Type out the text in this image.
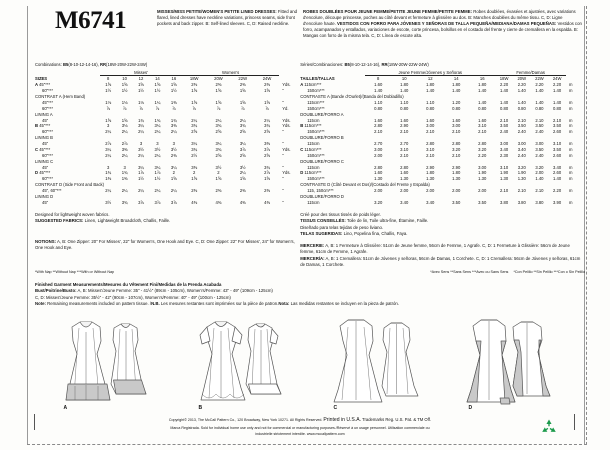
M6741	MISSES/MISS PETITE/WOMEN'S PETITE LINED DRESSES: Fitted and flared, lined dresses have neckline variations, princess seams, side front pockets and back zipper. B: Self-lined sleeves. C, D: Raised neckline.
ROBES DOUBLÉES POUR JEUNE FEMME/PETITE JEUNE FEMME/PETITE FEMME: Robes doublées, évasées et ajustées, avec variations d'encolure, découpe princesse, poches au côté devant et fermeture à glissière au dos. B: Manches doublées du même tissu. C, D: Ligne d'encolure haute. VESTIDOS CON FORRO PARA JÓVENES Y SEÑORAS DE TALLA PEQUEÑA/MEDIANA/DAMAS PEQUEÑAS: Vestidos con forro, acampanados y entallados, variaciones de escote, corte princesa, bolsillos en el costado del frente y cierre de cremallera en la espalda. B: Mangas con forro de la misma tela. C, D: Línea de escote alta.
Combinations: B5(8-10-12-14-16), RR(18W-20W-22W-24W)
	Misses'					Women's				
SIZES	8	10	12	14	16	18W	20W	22W	24W	
A 45"***	1⅝	1⅝	1⅝	1⅝	1⅝	2⅜	2⅜	2⅜	2⅜	Yds.
60"***	1½	1½	1½	1½	1½	1⅝	1⅝	1⅝	1⅝	"
CONTRAST A (Hem Band)										
45"***	1⅛	1⅛	1⅛	1¼	1⅜	1⅝	1⅝	1⅝	1⅝	"
60"***	⅞	⅞	⅞	⅞	⅞	⅞	⅞	⅞	⅞	Yd.
LINING A										
45"	1⅝	1⅝	1¾	1¾	1¾	2¼	2¼	2¼	2¼	Yds.
B 45"***	3	3⅛	3¼	3¼	3⅜	3¾	3¾	3¾	3¾	Yds.
60"***	2¼	2¼	2¼	2¼	2¼	2⅝	2⅝	2⅝	2⅝	"
LINING B										
45"	2⅞	2⅞	3	3	3	3¼	3¼	3¼	3⅜	"
C 45"***	3¼	3⅜	3½	3½	3½	3¾	3¾	3⅞	3⅞	Yds.
60"***	2¼	2¼	2¼	2¼	2⅜	2½	2⅝	2⅝	2⅝	"
LINING C										
45"	3	3	3¼	3¼	3¼	3⅜	3½	3½	3¾	"
D 45"***	1¾	1¾	1⅞	1⅞	2	2	2	2¼	2⅞	Yds.
60"***	1⅜	1⅜	1½	1½	1⅝	1⅝	1⅝	1⅝	1⅝	"
CONTRAST D (Side Front and Back)										
45", 60"***	2¼	2¼	2¼	2¼	2¼	2⅜	2⅜	2⅜	2⅜	"
LINING D										
45"	3½	3¾	3⅞	3⅞	3⅞	4⅜	4⅜	4⅜	4⅜	"
Séries/Combinaciones: B5(8-10-12-14-16), RR(18W-20W-22W-24W)
	Jeune Femme/Jóvenes y Señoras					Femme/Damas				
TAILLES/TALLAS	8	10	12	14	16	18W	20W	22W	24W	
A 115cm***	1.60	1.80	1.80	1.80	1.80	2.20	2.20	2.20	2.20	m
150cm***	1.40	1.40	1.40	1.40	1.40	1.40	1.40	1.40	1.40	m
CONTRASTE A (Bande d'Ourlet)/(Banda del Dobladillo)										
115cm***	1.10	1.10	1.10	1.20	1.40	1.40	1.40	1.40	1.40	m
150cm***	0.80	0.80	0.80	0.80	0.80	0.80	0.80	0.80	0.80	m
DOUBLURE/FORRO A										
115cm	1.60	1.60	1.60	1.60	1.60	2.10	2.10	2.10	2.10	m
B 115cm***	2.80	2.90	3.00	3.00	3.10	3.50	3.50	3.50	3.50	m
150cm***	2.10	2.10	2.10	2.10	2.10	2.40	2.40	2.40	2.60	m
DOUBLURE/FORRO B										
115cm	2.70	2.70	2.80	2.80	2.80	3.00	3.00	3.00	3.10	m
C 115cm***	3.00	3.10	3.10	3.20	3.20	3.40	3.40	3.50	3.50	m
150cm***	2.00	2.10	2.10	2.10	2.20	2.30	2.40	2.40	2.60	m
DOUBLURE/FORRO C										
115cm	2.80	2.80	2.90	2.90	3.00	3.10	3.20	3.20	3.40	m
D 115cm***	1.60	1.60	1.80	1.80	1.90	1.90	1.90	2.00	2.60	m
150cm***	1.30	1.30	1.30	1.30	1.30	1.30	1.30	1.40	1.40	m
CONTRASTE D (Côté Devant et Dos)/(Costado del Frente y Espalda)										
115, 150cm***	2.00	2.00	2.00	2.00	2.00	2.10	2.10	2.10	2.20	m
DOUBLURE/FORRO D										
115cm	3.20	3.40	3.40	3.50	3.50	3.80	3.80	3.80	3.90	m
Designed for lightweight woven fabrics.
SUGGESTED FABRICS: Linen, Lightweight Broadcloth, Challis, Faille.
NOTIONS: A, B: One Zipper: 20" For Misses', 22" for Women's, One Hook and Eye. C, D: One Zipper: 22" For Misses', 24" for Women's, One Hook and Eye.
Créé pour des tissus tissés de poids léger.
TISSUS CONSEILLÉS: Toile de lin, Toile ultra-fine, Étamine, Faille.
Diseñado para telas tejidas de peso liviano.
TELAS SUGERIDAS: Lino, Popelina fina, Challis, Faya.
MERCERIE: A, B: 1 Fermeture à Glissière: 51cm de Jeune femme, 56cm de Femme, 1 Agrafe. C, D: 1 Fermeture à Glissière: 56cm de Jeune femme, 61cm de Femme, 1 Agrafe.
MERCERÍA: A, B: 1 Cremallera: 51cm de Jóvenes y señoras, 56cm de Damas, 1 Corchete. C, D: 1 Cremallera: 56cm de Jóvenes y señoras, 61cm de Damas, 1 Corchete.
*With Nap **Without Nap ***With or Without Nap	*Avec Sens **Sans Sens ***Avec ou Sans Sens *Con Pelillo **Sin Pelillo ***Con o Sin Pelillo
Finished Garment Measurements/Mesures du Vêtement Fini/Medidas de la Prenda Acabada
Bust/Poitrine/Busto: A, B: Misses'/Jeune Femme: 35" - 41½" (89cm - 105cm), Women's/Femme: 43" - 49" (109cm - 125cm)
C, D: Misses'/Jeune Femme: 35½" - 42" (90cm - 107cm), Women's/Femme: 40" - 49" (100cm - 125cm)
Note: Remaining measurements included on pattern tissue. /N.B. Les mesures restantes sont imprimées sur la pièce de patron.Nota: Las medidas restantes se incluyen en la pieza de patrón.
A	B	C	D
Copyright© 2013, The McCall Pattern Co., 120 Broadway, New York 10271. All Rights Reserved. Printed in U.S.A. Trademarks Reg. U.S. Pat. & TM Off.
Marca Registrada. Sold for individual home use only and not for commercial or manufacturing purposes./Réservé à un usage personnel. Utilisation commerciale ou
industrielle strictement interdite. www.mccallpattern.com
